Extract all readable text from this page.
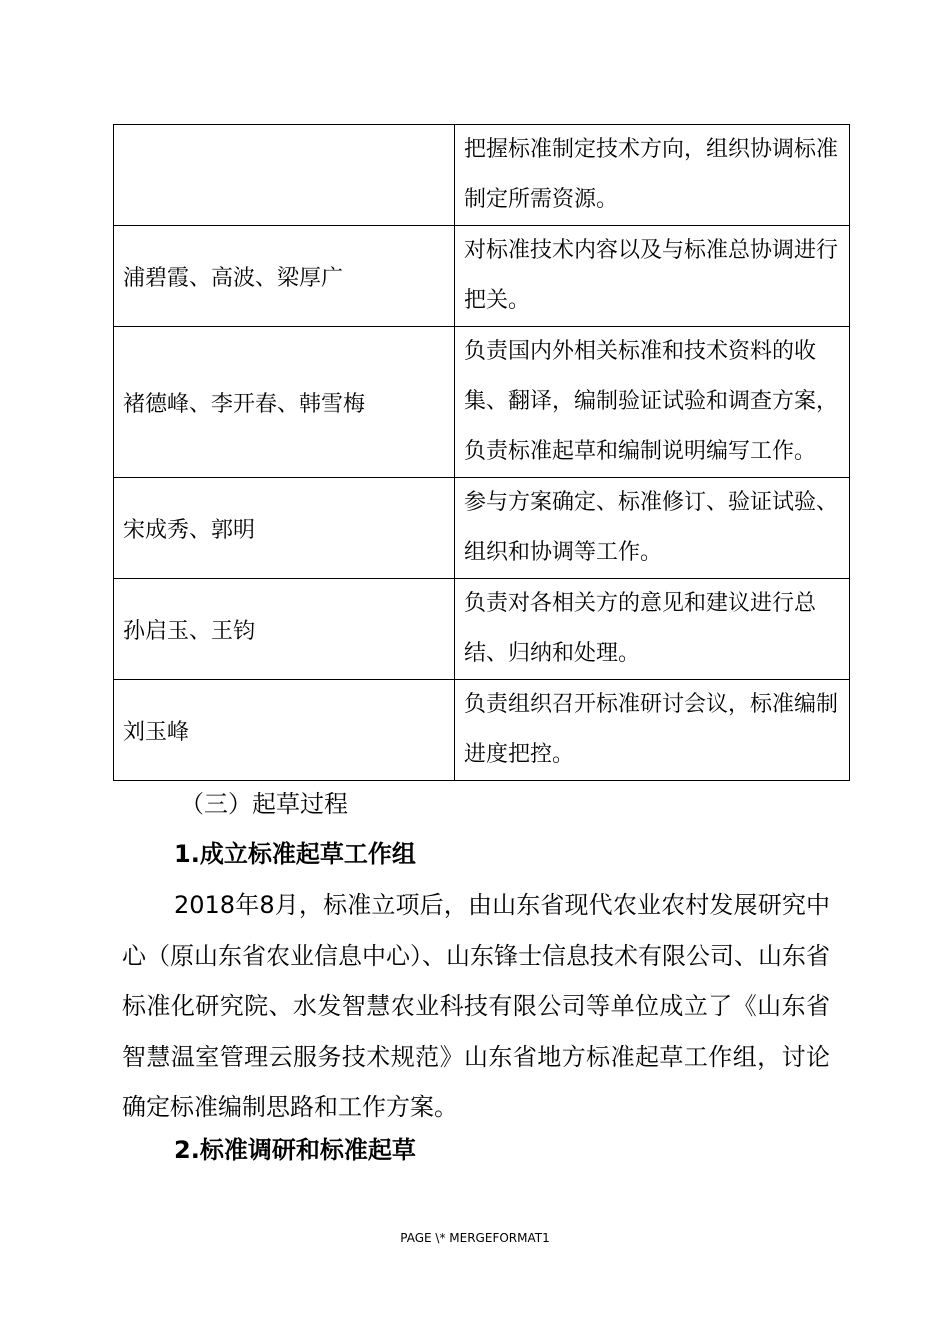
	把握标准制定技术方向，组织协调标准制定所需资源。
浦碧霞、高波、梁厚广	对标准技术内容以及与标准总协调进行把关。
褚德峰、李开春、韩雪梅	负责国内外相关标准和技术资料的收集、翻译，编制验证试验和调查方案，负责标准起草和编制说明编写工作。
宋成秀、郭明	参与方案确定、标准修订、验证试验、组织和协调等工作。
孙启玉、王钧	负责对各相关方的意见和建议进行总结、归纳和处理。
刘玉峰	负责组织召开标准研讨会议，标准编制进度把控。
（三）起草过程
1.成立标准起草工作组
2018年8月，标准立项后，由山东省现代农业农村发展研究中心（原山东省农业信息中心）、山东锋士信息技术有限公司、山东省标准化研究院、水发智慧农业科技有限公司等单位成立了《山东省智慧温室管理云服务技术规范》山东省地方标准起草工作组，讨论确定标准编制思路和工作方案。
2.标准调研和标准起草
PAGE \* MERGEFORMAT1
